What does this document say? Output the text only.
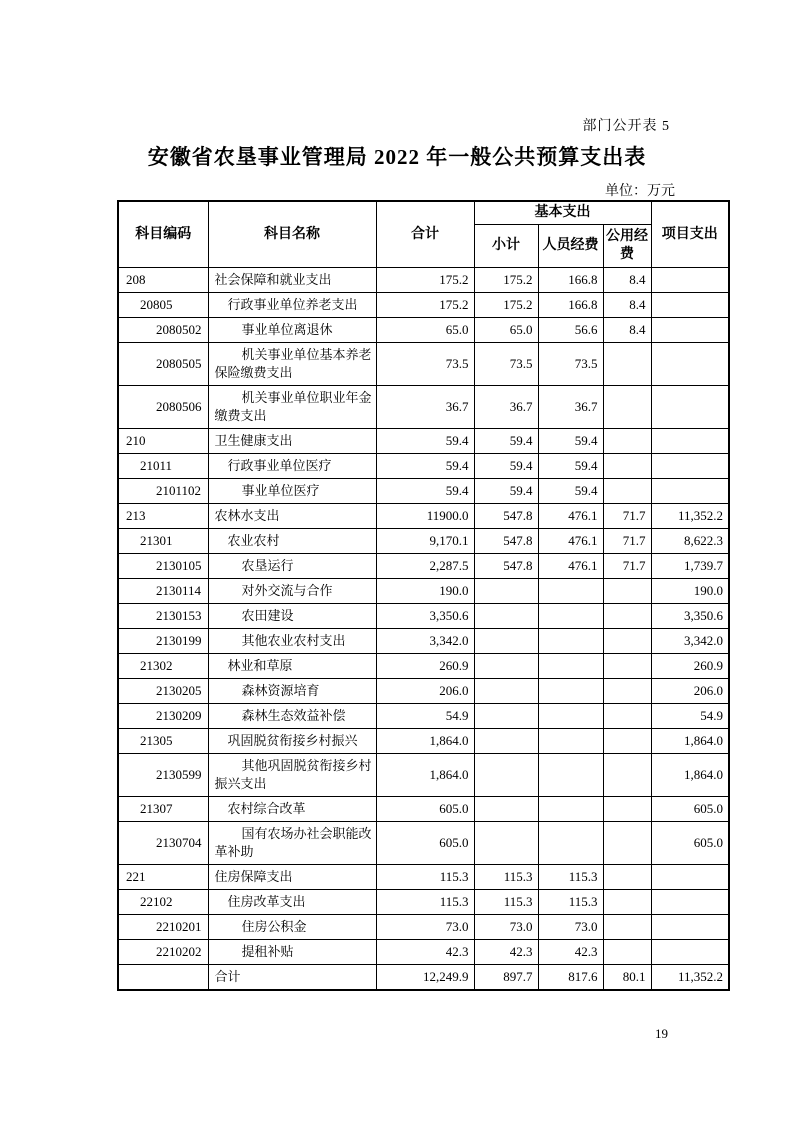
部门公开表 5
安徽省农垦事业管理局 2022 年一般公共预算支出表
单位：万元
科目编码	科目名称	合计	基本支出			项目支出
			小计	人员经费	公用经费	
208	社会保障和就业支出	175.2	175.2	166.8	8.4	
20805	行政事业单位养老支出	175.2	175.2	166.8	8.4	
2080502	事业单位离退休	65.0	65.0	56.6	8.4	
2080505	机关事业单位基本养老保险缴费支出	73.5	73.5	73.5		
2080506	机关事业单位职业年金缴费支出	36.7	36.7	36.7		
210	卫生健康支出	59.4	59.4	59.4		
21011	行政事业单位医疗	59.4	59.4	59.4		
2101102	事业单位医疗	59.4	59.4	59.4		
213	农林水支出	11900.0	547.8	476.1	71.7	11,352.2
21301	农业农村	9,170.1	547.8	476.1	71.7	8,622.3
2130105	农垦运行	2,287.5	547.8	476.1	71.7	1,739.7
2130114	对外交流与合作	190.0				190.0
2130153	农田建设	3,350.6				3,350.6
2130199	其他农业农村支出	3,342.0				3,342.0
21302	林业和草原	260.9				260.9
2130205	森林资源培育	206.0				206.0
2130209	森林生态效益补偿	54.9				54.9
21305	巩固脱贫衔接乡村振兴	1,864.0				1,864.0
2130599	其他巩固脱贫衔接乡村振兴支出	1,864.0				1,864.0
21307	农村综合改革	605.0				605.0
2130704	国有农场办社会职能改革补助	605.0				605.0
221	住房保障支出	115.3	115.3	115.3		
22102	住房改革支出	115.3	115.3	115.3		
2210201	住房公积金	73.0	73.0	73.0		
2210202	提租补贴	42.3	42.3	42.3		
	合计	12,249.9	897.7	817.6	80.1	11,352.2
19
